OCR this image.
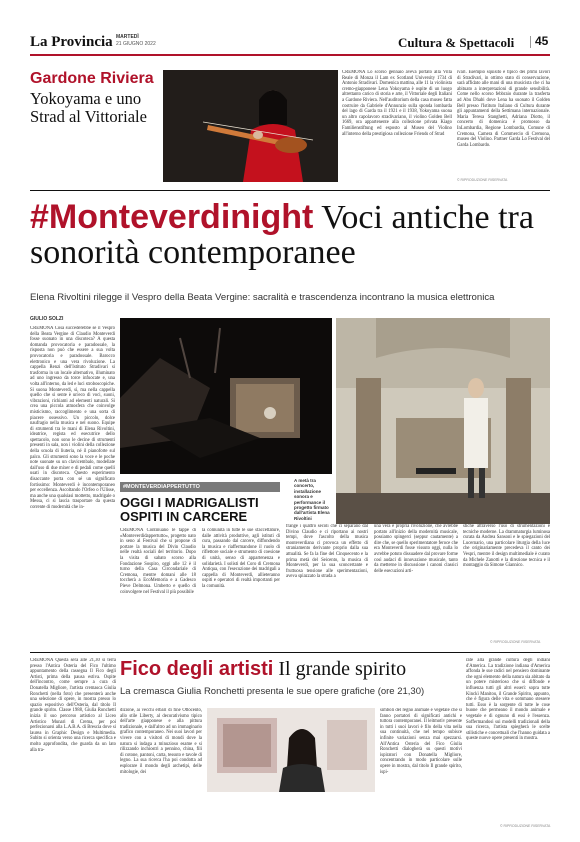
La Provincia MARTEDÌ
21 GIUGNO 2022	Cultura & Spettacoli 45
Gardone Riviera
Yokoyama e uno Strad al Vittoriale
CREMONA Lo scorso gennaio aveva portato alla Villa Reale di Monza il Lam ex Scotland University 1734 di Antonio Stradivari. Domenica mattina, alle 11 la violinista cremo-giapponese Lena Yokoyama è ospite di un luogo altrettanto carico di storia e arte, il Vittoriale degli Italiani a Gardone Riviera. Nell'auditorium della casa museo fatta costruire da Gabriele d'Annunzio sulla sponda lombarda del lago di Garda tra il 1921 e il 1938, Yokoyama suona un altro capolavoro stradivariano, il violino Golden Bell 1669, ora appartenente alla collezione privata Kiago Familienstiftung ed esposto al Museo del Violino all'interno della prestigiosa collezione Friends of Strad
ivari. Esempio squisito e tipico dei primi lavori di Stradivari, in ottimo stato di conservazione, sarà affidato alle mani di una musicista che ci ha abituato a interpretazioni di grande sensibilità. Come nello scorso febbraio durante la trasferta ad Abu Dhabi dove Lena ha suonato il Golden Bell presso l'Istituto Italiano di Cultura durante gli appuntamenti della Settimana internazionale. Maria Teresa Stanghetti, Adriana Diotto, il concerto di domenica è promosso da InLombardia, Regione Lombardia, Comune di Cremona, Camera di Commercio di Cremona, museo del Violino. Partner Garda Lo Festival del Garda Lombardo.
© RIPRODUZIONE RISERVATA
#Monteverdinight Voci antiche tra sonorità contemporanee
Elena Rivoltini rilegge il Vespro della Beata Vergine: sacralità e trascendenza incontrano la musica elettronica
GIULIO SOLZI
CREMONA Cosa succederebbe se il Vespro della Beata Vergine di Claudio Monteverdi fosse suonato in una discoteca? A questa domanda provocatoria e paradossale, la risposta non può che essere a sua volta provocatoria e paradossale. Barocco elettronico e una vera rivoluzione. La cappella Renzi dell'Istituto Stradivari si trasforma in un locale alternativo, illuminato ad uno ingresso da torce infuocate e, una volta all'interno, da led e luci stroboscopiche. Si suona Monteverdi, sì, ma nella cappella quello che si sente è un'eco di voci, suoni, vibrazioni, richiami ad elementi naturali. Si crea una piccola atmosfera che coinvolge misticismo, raccoglimento e una sorta di piacere ossessivo. Un piccolo, dolce naufragio nella musica e nel suono. Equipe di strumenti tra le mani di Elena Rivoltini, ideatrice, regista ed esecutrice dello spettacolo, non sono le decine di strumenti presenti in sala, non i violini della collezione della scuola di liuteria, né il pianoforte sul palco. Gli strumenti sono la voce e le poche note suonate su un clavicembalo, modellate dall'uso di due mixer e di pedali come quelli usati in discoteca. Questo esperimento disaccante porta con sé un significato fortissimo: Monteverdi è incontemporaneo per eccellenza. Ascoltando l'Orfeo o l'Ulisse, ma anche una qualsiasi mottetto, madrigale o Messa, ci si lascia trasportare da questa corrente di modernità che in-
A metà tra concerto, installazione sonora e performance il progetto firmato dall'artista Elena Rivoltini
frange i quattro secoli che ci separano dal Divino Claudio e ci riportano ai nostri tempi, dove l'ascolto della musica monteverdiana ci provoca un effetto di straniamento derivante proprio dalla sua attualità. Se fa la fine del Cinquecento e la prima metà del Seicento, la musica di Monteverdi, per la sua sconcertante e fruttuosa tensione alle sperimentazioni, aveva spiazzato la strada a
una vera e propria rivoluzione, che avrebbe portato all'inizio della modernità musicale, possiamo spingerci (seppur cautamente) a dire che, se quello sperimentatore feroce che era Monteverdi fosse vissuto oggi, nulla lo avrebbe potuto dissuadere dal provare forme così audaci di innovazione musicale, tanto da metterne in discussione i canoni classici delle esecuzioni arti-
stiche attraverso l'uso di strumentazioni e tecniche moderne. La drammaturgia luminosa curata da Andrea Sansoni e le spiegazioni del Lucernario, una particolare liturgia della luce che originariamente precedeva il canto dei Vespri, mentre il design multimediale è curato da Michele Zanotti e la direzione tecnica e il montaggio da Simone Giannico.
© RIPRODUZIONE RISERVATA
#MONTEVERDIAPPERTUTTO
OGGI I MADRIGALISTI OSPITI IN CARCERE
CREMONA Continuano le tappe di «Monteverdidappertutto», progetto nato in seno al Festival che si propone di portare la musica del Divin Claudio nelle realtà sociali del territorio. Dopo la visita di sabato scorso alla Fondazione Sospiro, oggi alle 12 è il turno della Casa Circondariale di Cremona, mentre domani alle 18 toccherà a EcoMemoria e a Gadesco Pieve Delmona. Umberto e quello di coinvolgere nel Festival il più possibile
la comunità in tutte le sue sfaccettature, dalle attività produttive, agli istituti di cura, passando dal carcere, diffondendo la musica e riaffermandone il ruolo di riflettore sociale e strumento di coesione di unità, senso di appartenenza e solidarietà. I solisti del Coro di Cremona Antiqua, con l'esecuzione dei madrigali a cappella di Monteverdi, allieteranno ospiti e operatori di realtà importanti per la comunità.
CREMONA Questa sera alle 21,30 si terrà presso l'Antica Osteria del Fico l'ultimo appuntamento della rassegna Il Fico degli Artisti, prima della pausa estiva. Ospite dell'incontro, come sempre a cura di Donatella Migliore, l'artista cremasca Giulia Ronchetti (nella foto) che presenterà anche una selezione di opere, in mostra presso lo spazio espositivo dell'Osteria, dal titolo Il grande spirito. Classe 1988, Giulia Ronchetti inizia il suo percorso artistico al Liceo Artistico Munari di Crema, per poi perfezionarsi alla L.A.B.A. di Brescia dove si laurea in Graphic Design e Multimedia. Subito si orienta verso una ricerca specifica e molto approfondita, che guarda da un lato alla tra-
Fico degli artisti Il grande spirito
La cremasca Giulia Ronchetti presenta le sue opere grafiche (ore 21,30)
dizione, ai vecchi erbarî di fine Ottocento, allo stile Liberty, al decorativismo tipico dell'arte giapponese e alla pittura tradizionale, e dall'altro ad un immaginario grafico contemporaneo. Nei suoi lavori per vivere con a visitori di mondi dove la natura si indaga a minuzioso esame e si rilizzando inchiostri a pennino, china, fili di cotone, pantoni, carta, tessuto e tavole di legno. La sua ricerca l'ha poi condotta ad esplorare il mondo degli archetipi, delle mitologie, dei
simboli del regno animale e vegetale che si fanno portatori di significati antichi e tuttora contemporanei. Il leitmotiv presente in tutti i suoi lavori è filo della vita nella sua continuità, che nel tempo subisce infinite variazioni senza mai spezzarsi. All'Antica Osteria del Fico Giulia Ronchetti dialogherà su questi motivi ispiratori con Donatella Migliore, concentrando in modo particolare sulle opere in mostra, dal titolo Il grande spirito, ispi-
rate alla grande cultura degli indiani d'America. La tradizione indiana d'America affonda le sue radici nel pensiero dominante che ogni elemento della natura sia abitato da un potere misterioso che si diffonde e influenza tutti gli altri esseri: sopra tutte Kinckì Manitou, il Grande Spirito, appunto, che è figura delle vita e sommano stessere tutti. Esso è la sorgente di tutte le cose buone che permeano il mondo animale e vegetale e di ognuno di essi è l'essenza. Soffermandosi sui modelli tradizionali della sua ricerca, l'artista spiegherà le scelte stilistiche e concettuali che l'hanno guidata a queste nuove opere presenti in mostra.
© RIPRODUZIONE RISERVATA
